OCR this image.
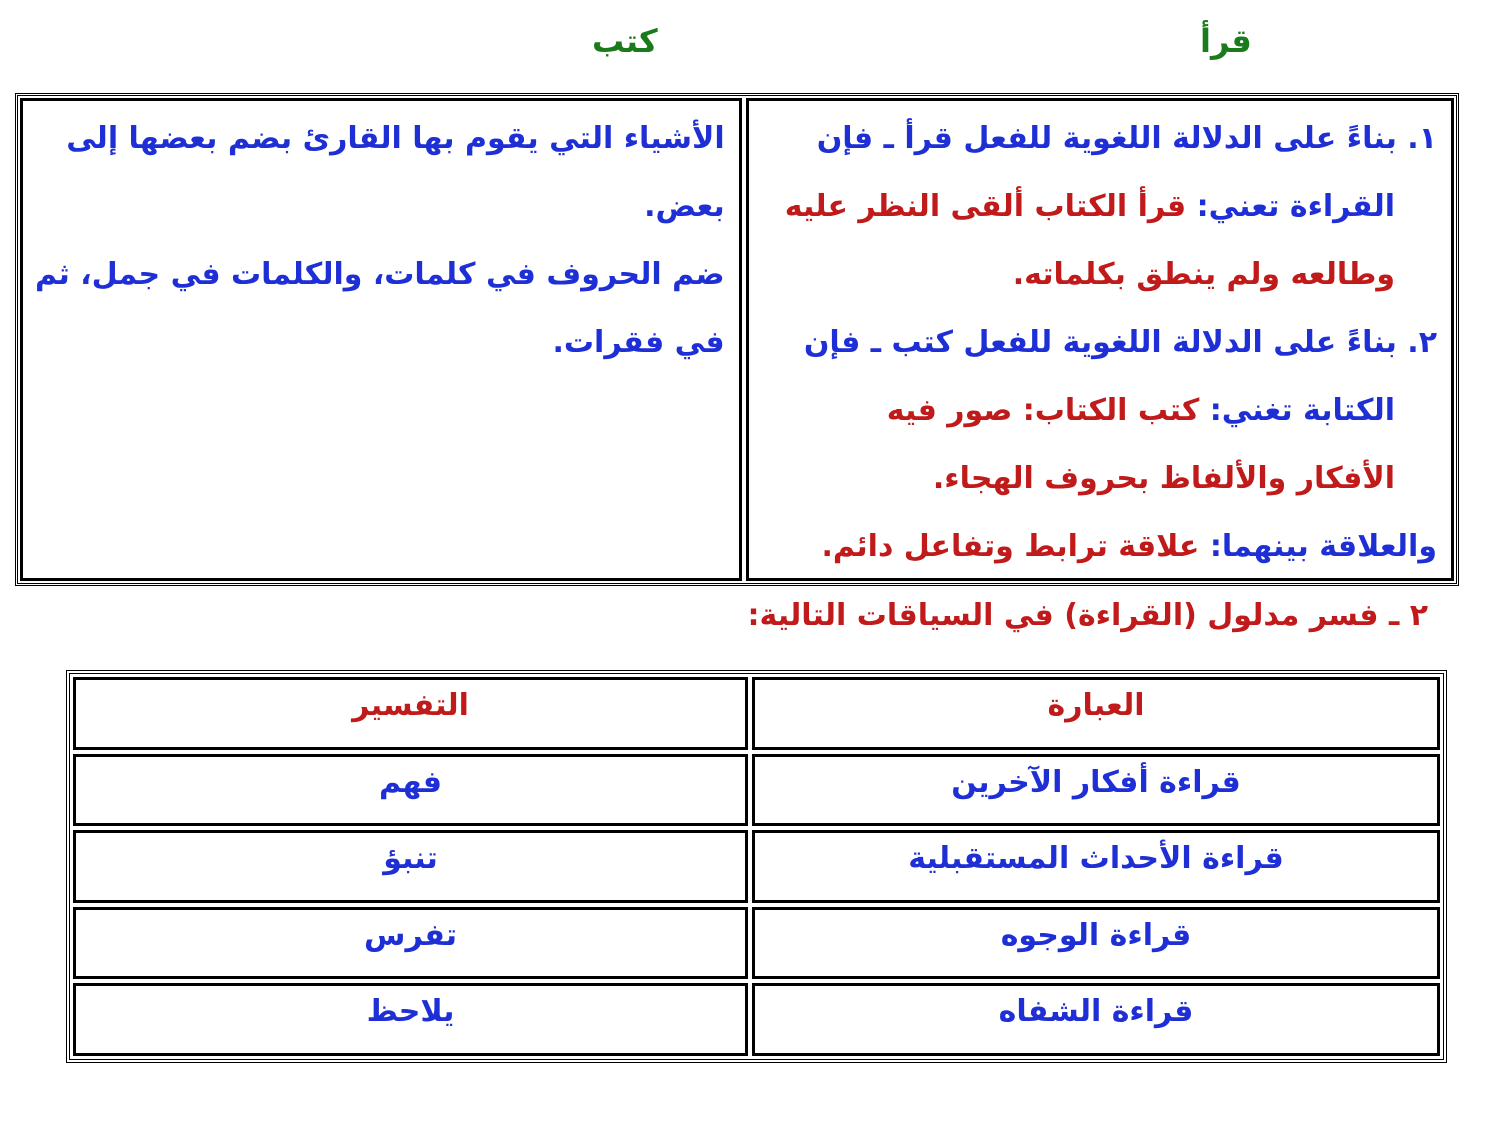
قرأ
كتب
١. بناءً على الدلالة اللغوية للفعل قرأ ـ فإن
القراءة تعني: قرأ الكتاب ألقى النظر عليه
وطالعه ولم ينطق بكلماته.
٢. بناءً على الدلالة اللغوية للفعل كتب ـ فإن
الكتابة تغني: كتب الكتاب: صور فيه
الأفكار والألفاظ بحروف الهجاء.
والعلاقة بينهما: علاقة ترابط وتفاعل دائم.
الأشياء التي يقوم بها القارئ بضم بعضها إلى
بعض.
ضم الحروف في كلمات، والكلمات في جمل، ثم
في فقرات.
٢ ـ فسر مدلول (القراءة) في السياقات التالية:
العبارة
التفسير
قراءة أفكار الآخرين
فهم
قراءة الأحداث المستقبلية
تنبؤ
قراءة الوجوه
تفرس
قراءة الشفاه
يلاحظ
